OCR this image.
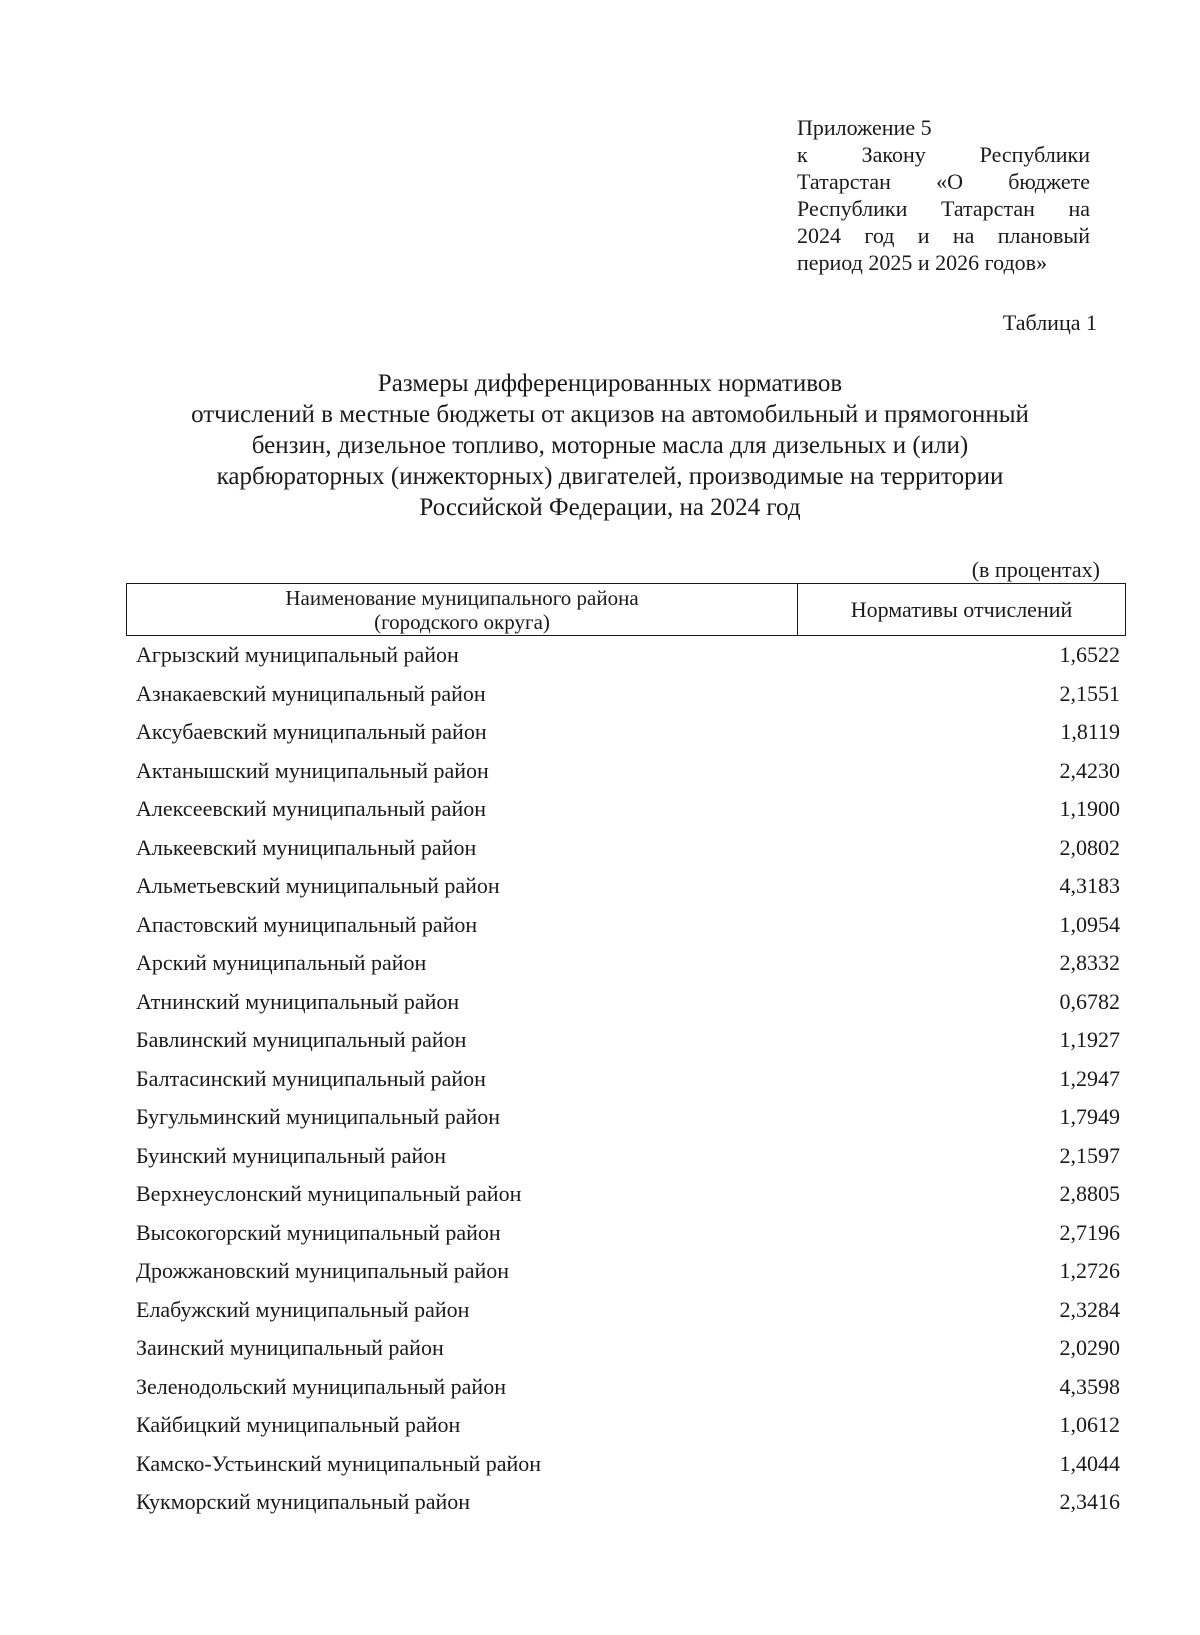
Приложение 5
к Закону Республики
Татарстан «О бюджете
Республики Татарстан на
2024 год и на плановый
период 2025 и 2026 годов»
Таблица 1
Размеры дифференцированных нормативов
отчислений в местные бюджеты от акцизов на автомобильный и прямогонный
бензин, дизельное топливо, моторные масла для дизельных и (или)
карбюраторных (инжекторных) двигателей, производимые на территории
Российской Федерации, на 2024 год
(в процентах)
Наименование муниципального района
(городского округа)	Нормативы отчислений
Агрызский муниципальный район	1,6522
Азнакаевский муниципальный район	2,1551
Аксубаевский муниципальный район	1,8119
Актанышский муниципальный район	2,4230
Алексеевский муниципальный район	1,1900
Алькеевский муниципальный район	2,0802
Альметьевский муниципальный район	4,3183
Апастовский муниципальный район	1,0954
Арский муниципальный район	2,8332
Атнинский муниципальный район	0,6782
Бавлинский муниципальный район	1,1927
Балтасинский муниципальный район	1,2947
Бугульминский муниципальный район	1,7949
Буинский муниципальный район	2,1597
Верхнеуслонский муниципальный район	2,8805
Высокогорский муниципальный район	2,7196
Дрожжановский муниципальный район	1,2726
Елабужский муниципальный район	2,3284
Заинский муниципальный район	2,0290
Зеленодольский муниципальный район	4,3598
Кайбицкий муниципальный район	1,0612
Камско-Устьинский муниципальный район	1,4044
Кукморский муниципальный район	2,3416
